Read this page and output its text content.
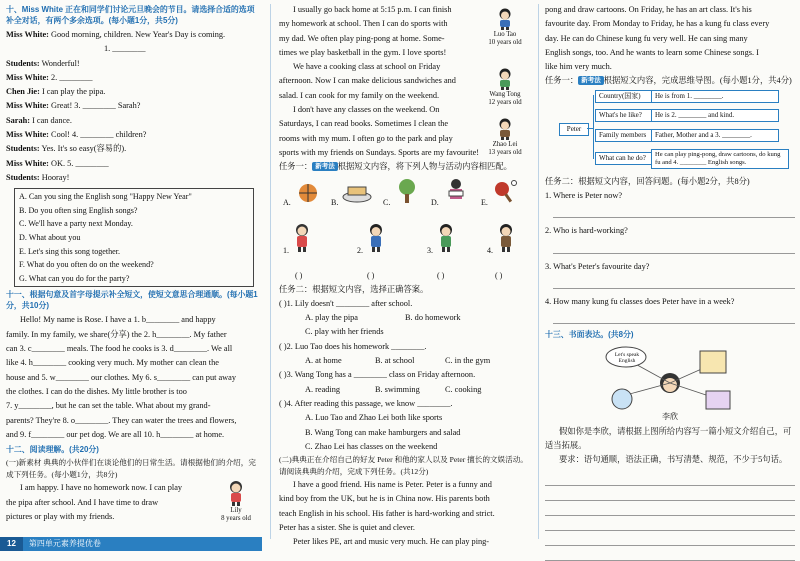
十、Miss White 正在和同学们讨论元旦晚会的节目。请选择合适的选项补全对话，有两个多余选项。(每小题1分，共5分)
Miss White: Good morning, children. New Year's Day is coming.
1. ________
Students: Wonderful!
Miss White: 2. ________
Chen Jie: I can play the pipa.
Miss White: Great! 3. ________ Sarah?
Sarah: I can dance.
Miss White: Cool! 4. ________ children?
Students: Yes. It's so easy(容易的).
Miss White: OK. 5. ________
Students: Hooray!
A. Can you sing the English song "Happy New Year"
B. Do you often sing English songs?
C. We'll have a party next Monday.
D. What about you
E. Let's sing this song together.
F. What do you often do on the weekend?
G. What can you do for the party?
十一、根据句意及首字母提示补全短文，使短文意思合理通顺。(每小题1分，共10分)
Hello! My name is Rose. I have a 1. b________ and happy
family. In my family, we share(分享) the 2. h________. My father
can 3. c________ meals. The food he cooks is 3. d________. We all
like 4. h________ cooking very much. My mother can clean the
house and 5. w________ our clothes. My 6. s________ can put away
the clothes. I can do the dishes. My little brother is too
7. y________, but he can set the table. What about my grand-
parents? They're 8. o________. They can water the trees and flowers,
and 9. f________ our pet dog. We are all 10. h________ at home.
十二、阅读理解。(共20分)
(一)新素材 典典的小伙伴们在谈论他们的日常生活。请根据他们的介绍，完成下列任务。(每小题1分，共8分)
I am happy. I have no homework now. I can play
the pipa after school. And I have time to draw
pictures or play with my friends.
Lily
8 years old
12 第四单元素养提优卷
I usually go back home at 5:15 p.m. I can finish
my homework at school. Then I can do sports with
my dad. We often play ping-pong at home. Some-
times we play basketball in the gym. I love sports!
Luo Tao
10 years old
We have a cooking class at school on Friday
afternoon. Now I can make delicious sandwiches and
salad. I can cook for my family on the weekend.	Wang Tong
12 years old
I don't have any classes on the weekend. On
Saturdays, I can read books. Sometimes I clean the
rooms with my mum. I often go to the park and play
sports with my friends on Sundays. Sports are my favourite!
Zhao Lei
13 years old
任务一： 新考法 根据短文内容，将下列人物与活动内容相匹配。
A.	B.	C.	D.	E.
1.	2.	3.	4.
( )	( )	( )	( )
任务二：根据短文内容，选择正确答案。
( )1. Lily doesn't ________ after school.
A. play the pipa	B. do homework
C. play with her friends
( )2. Luo Tao does his homework ________.
A. at home	B. at school	C. in the gym
( )3. Wang Tong has a ________ class on Friday afternoon.
A. reading	B. swimming	C. cooking
( )4. After reading this passage, we know ________.
A. Luo Tao and Zhao Lei both like sports
B. Wang Tong can make hamburgers and salad
C. Zhao Lei has classes on the weekend
(二)典典正在介绍自己的好友 Peter 和他的家人以及 Peter 擅长的文娱活动。请阅读典典的介绍，完成下列任务。(共12分)
I have a good friend. His name is Peter. Peter is a funny and
kind boy from the UK, but he is in China now. His parents both
teach English in his school. His father is hard-working and strict.
Peter has a sister. She is quiet and clever.
Peter likes PE, art and music very much. He can play ping-
pong and draw cartoons. On Friday, he has an art class. It's his
favourite day. From Monday to Friday, he has a kung fu class every
day. He can do Chinese kung fu very well. He can sing many
English songs, too. And he wants to learn some Chinese songs. I
like him very much.
任务一： 新考法 根据短文内容，完成思维导图。(每小题1分，共4分)
Peter
Country(国家)	He is from 1. ________.
What's he like?	He is 2. ________ and kind.
Family members	Father, Mother and a 3. ________.
What can he do?	He can play ping-pong, draw cartoons, do kung fu and 4. ________ English songs.
任务二：根据短文内容，回答问题。(每小题2分，共8分)
1. Where is Peter now?
2. Who is hard-working?
3. What's Peter's favourite day?
4. How many kung fu classes does Peter have in a week?
十三、书面表达。(共8分)
Let's speak English
李欣
假如你是李欣，请根据上图所给内容写一篇小短文介绍自己，可适当拓展。
要求：语句通顺，语法正确，书写清楚、规范，不少于5句话。
